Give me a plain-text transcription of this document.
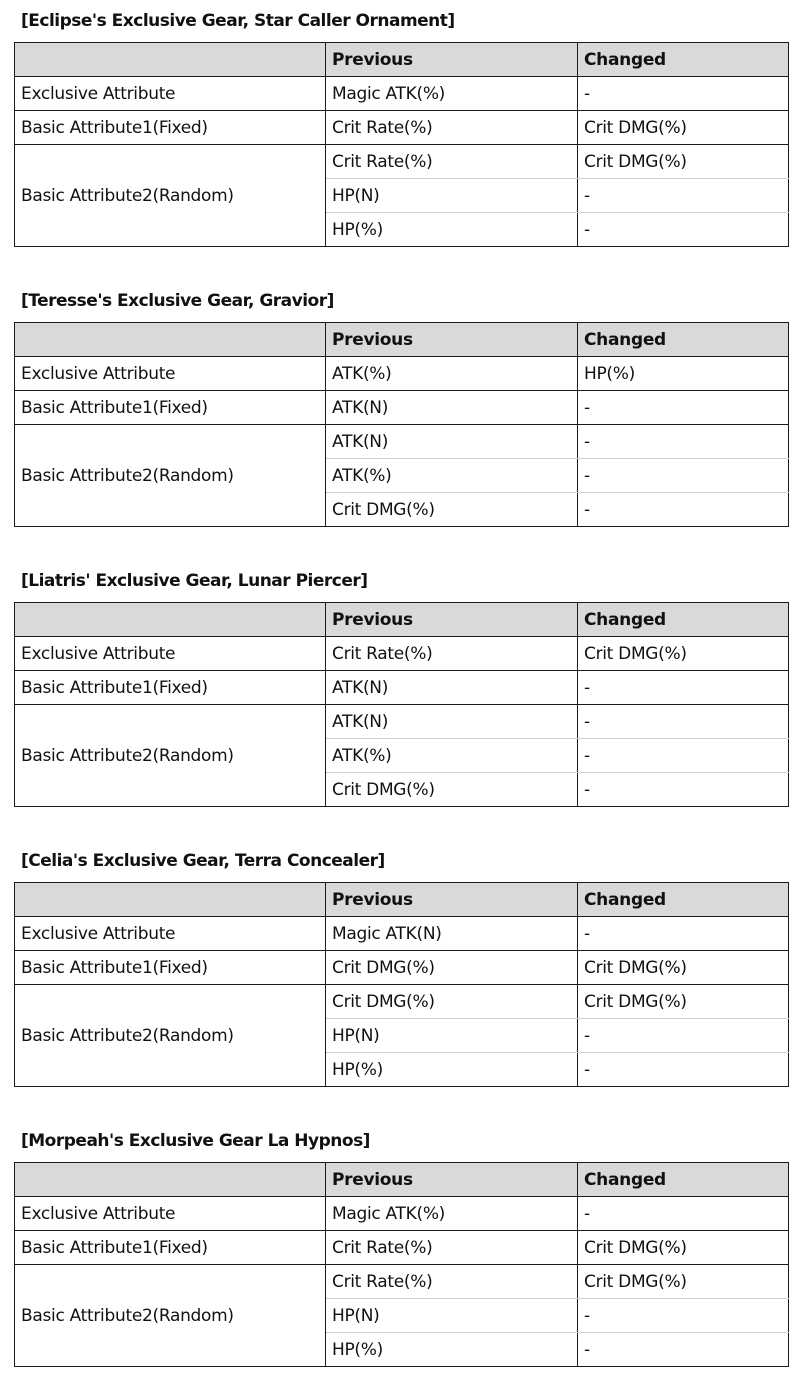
[Eclipse's Exclusive Gear, Star Caller Ornament]
	Previous	Changed
Exclusive Attribute	Magic ATK(%)	-
Basic Attribute1(Fixed)	Crit Rate(%)	Crit DMG(%)
Basic Attribute2(Random)	Crit Rate(%)	Crit DMG(%)
	HP(N)	-
	HP(%)	-
[Teresse's Exclusive Gear, Gravior]
	Previous	Changed
Exclusive Attribute	ATK(%)	HP(%)
Basic Attribute1(Fixed)	ATK(N)	-
Basic Attribute2(Random)	ATK(N)	-
	ATK(%)	-
	Crit DMG(%)	-
[Liatris' Exclusive Gear, Lunar Piercer]
	Previous	Changed
Exclusive Attribute	Crit Rate(%)	Crit DMG(%)
Basic Attribute1(Fixed)	ATK(N)	-
Basic Attribute2(Random)	ATK(N)	-
	ATK(%)	-
	Crit DMG(%)	-
[Celia's Exclusive Gear, Terra Concealer]
	Previous	Changed
Exclusive Attribute	Magic ATK(N)	-
Basic Attribute1(Fixed)	Crit DMG(%)	Crit DMG(%)
Basic Attribute2(Random)	Crit DMG(%)	Crit DMG(%)
	HP(N)	-
	HP(%)	-
[Morpeah's Exclusive Gear La Hypnos]
	Previous	Changed
Exclusive Attribute	Magic ATK(%)	-
Basic Attribute1(Fixed)	Crit Rate(%)	Crit DMG(%)
Basic Attribute2(Random)	Crit Rate(%)	Crit DMG(%)
	HP(N)	-
	HP(%)	-
